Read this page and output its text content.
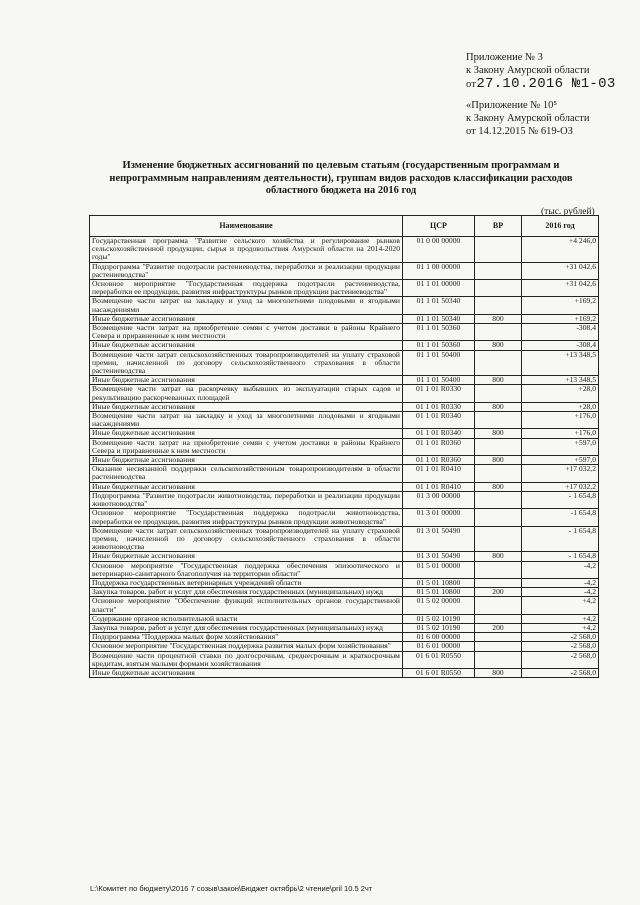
Приложение № 3
к Закону Амурской области
от27.10.2016 №1-03
«Приложение № 10⁵
к Закону Амурской области
от 14.12.2015 № 619-ОЗ
Изменение бюджетных ассигнований по целевым статьям (государственным программам и непрограммным направлениям деятельности), группам видов расходов классификации расходов областного бюджета на 2016 год
(тыс. рублей)
Наименование	ЦСР	ВР	2016 год
Государственная программа "Развитие сельского хозяйства и регулирование рынков сельскохозяйственной продукции, сырья и продовольствия Амурской области на 2014-2020 годы"	01 0 00 00000		+4 246,0
Подпрограмма "Развитие подотрасли растениеводства, переработки и реализации продукции растениеводства"	01 1 00 00000		+31 042,6
Основное мероприятие "Государственная поддержка подотрасли растениеводства, переработки ее продукции, развития инфраструктуры рынков продукции растениеводства"	01 1 01 00000		+31 042,6
Возмещение части затрат на закладку и уход за многолетними плодовыми и ягодными насаждениями	01 1 01 50340		+169,2
Иные бюджетные ассигнования	01 1 01 50340	800	+169,2
Возмещение части затрат на приобретение семян с учетом доставки в районы Крайнего Севера и приравненные к ним местности	01 1 01 50360		-308,4
Иные бюджетные ассигнования	01 1 01 50360	800	-308,4
Возмещение части затрат сельскохозяйственных товаропроизводителей на уплату страховой премии, начисленной по договору сельскохозяйственного страхования в области растениеводства	01 1 01 50400		+13 348,5
Иные бюджетные ассигнования	01 1 01 50400	800	+13 348,5
Возмещение части затрат на раскорчевку выбывших из эксплуатации старых садов и рекультивацию раскорчеванных площадей	01 1 01 R0330		+28,0
Иные бюджетные ассигнования	01 1 01 R0330	800	+28,0
Возмещение части затрат на закладку и уход за многолетними плодовыми и ягодными насаждениями	01 1 01 R0340		+176,0
Иные бюджетные ассигнования	01 1 01 R0340	800	+176,0
Возмещение части затрат на приобретение семян с учетом доставки в районы Крайнего Севера и приравненные к ним местности	01 1 01 R0360		+597,0
Иные бюджетные ассигнования	01 1 01 R0360	800	+597,0
Оказание несвязанной поддержки сельскохозяйственным товаропроизводителям в области растениеводства	01 1 01 R0410		+17 032,2
Иные бюджетные ассигнования	01 1 01 R0410	800	+17 032,2
Подпрограмма "Развитие подотрасли животноводства, переработки и реализации продукции животноводства"	01 3 00 00000		- 1 654,8
Основное мероприятие "Государственная поддержка подотрасли животноводства, переработки ее продукции, развития инфраструктуры рынков продукции животноводства"	01 3 01 00000		-1 654,8
Возмещение части затрат сельскохозяйственных товаропроизводителей на уплату страховой премии, начисленной по договору сельскохозяйственного страхования в области животноводства	01 3 01 50490		- 1 654,8
Иные бюджетные ассигнования	01 3 01 50490	800	- 1 654,8
Основное мероприятие "Государственная поддержка обеспечения эпизоотического и ветеринарно-санитарного благополучия на территории области"	01 5 01 00000		-4,2
Поддержка государственных ветеринарных учреждений области	01 5 01 10800		-4,2
Закупка товаров, работ и услуг для обеспечения государственных (муниципальных) нужд	01 5 01 10800	200	-4,2
Основное мероприятие "Обеспечение функций исполнительных органов государственной власти"	01 5 02 00000		+4,2
Содержание органов исполнительной власти	01 5 02 10190		+4,2
Закупка товаров, работ и услуг для обеспечения государственных (муниципальных) нужд	01 5 02 10190	200	+4,2
Подпрограмма "Поддержка малых форм хозяйствования"	01 6 00 00000		-2 568,0
Основное мероприятие "Государственная поддержка развития малых форм хозяйствования"	01 6 01 00000		-2 568,0
Возмещение части процентной ставки по долгосрочным, среднесрочным и краткосрочным кредитам, взятым малыми формами хозяйствования	01 6 01 R0550		-2 568,0
Иные бюджетные ассигнования	01 6 01 R0550	800	-2 568,0
L:\Комитет по бюджету\2016 7 созыв\закон\Бюджет октябрь\2 чтение\pril 10.5 2чт
